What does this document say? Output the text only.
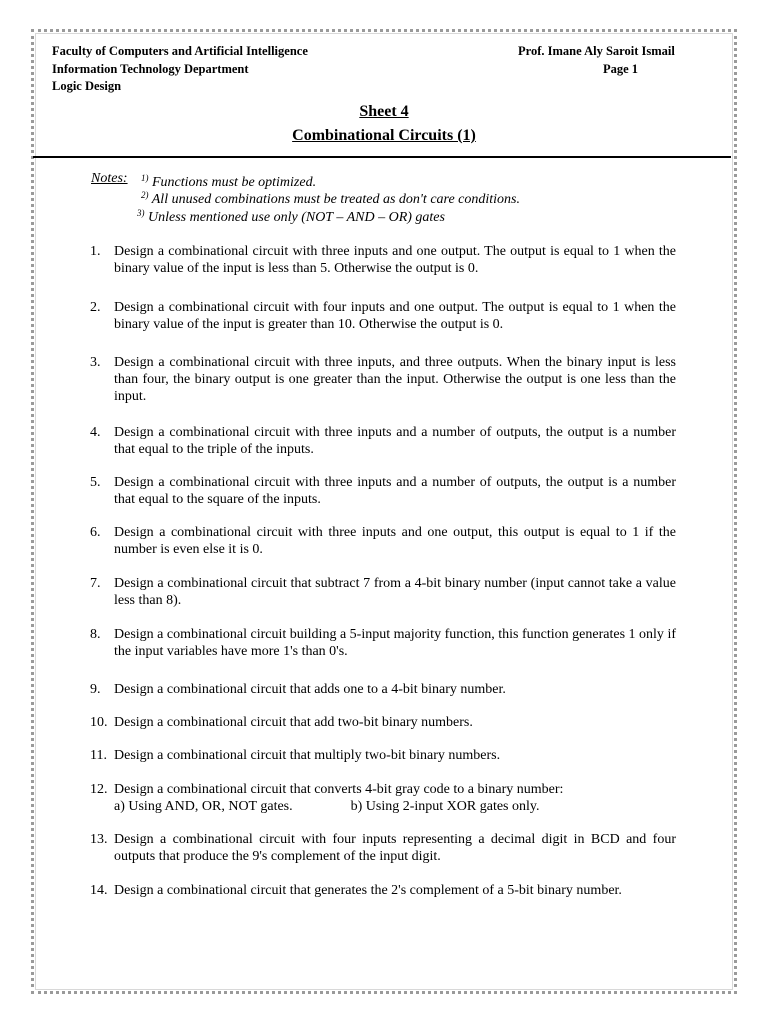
Faculty of Computers and Artificial Intelligence
Information Technology Department
Logic Design
Prof. Imane Aly Saroit Ismail
Page 1
Sheet 4
Combinational Circuits (1)
Notes: $^{1)}$ Functions must be optimized.
$^{2)}$ All unused combinations must be treated as don't care conditions.
$^{3)}$ Unless mentioned use only (NOT – AND – OR) gates
1. Design a combinational circuit with three inputs and one output. The output is equal to 1 when the binary value of the input is less than 5. Otherwise the output is 0.
2. Design a combinational circuit with four inputs and one output. The output is equal to 1 when the binary value of the input is greater than 10. Otherwise the output is 0.
3. Design a combinational circuit with three inputs, and three outputs. When the binary input is less than four, the binary output is one greater than the input. Otherwise the output is one less than the input.
4. Design a combinational circuit with three inputs and a number of outputs, the output is a number that equal to the triple of the inputs.
5. Design a combinational circuit with three inputs and a number of outputs, the output is a number that equal to the square of the inputs.
6. Design a combinational circuit with three inputs and one output, this output is equal to 1 if the number is even else it is 0.
7. Design a combinational circuit that subtract 7 from a 4-bit binary number (input cannot take a value less than 8).
8. Design a combinational circuit building a 5-input majority function, this function generates 1 only if the input variables have more 1's than 0's.
9. Design a combinational circuit that adds one to a 4-bit binary number.
10. Design a combinational circuit that add two-bit binary numbers.
11. Design a combinational circuit that multiply two-bit binary numbers.
12. Design a combinational circuit that converts 4-bit gray code to a binary number:
a) Using AND, OR, NOT gates.	b) Using 2-input XOR gates only.
13. Design a combinational circuit with four inputs representing a decimal digit in BCD and four outputs that produce the 9's complement of the input digit.
14. Design a combinational circuit that generates the 2's complement of a 5-bit binary number.
